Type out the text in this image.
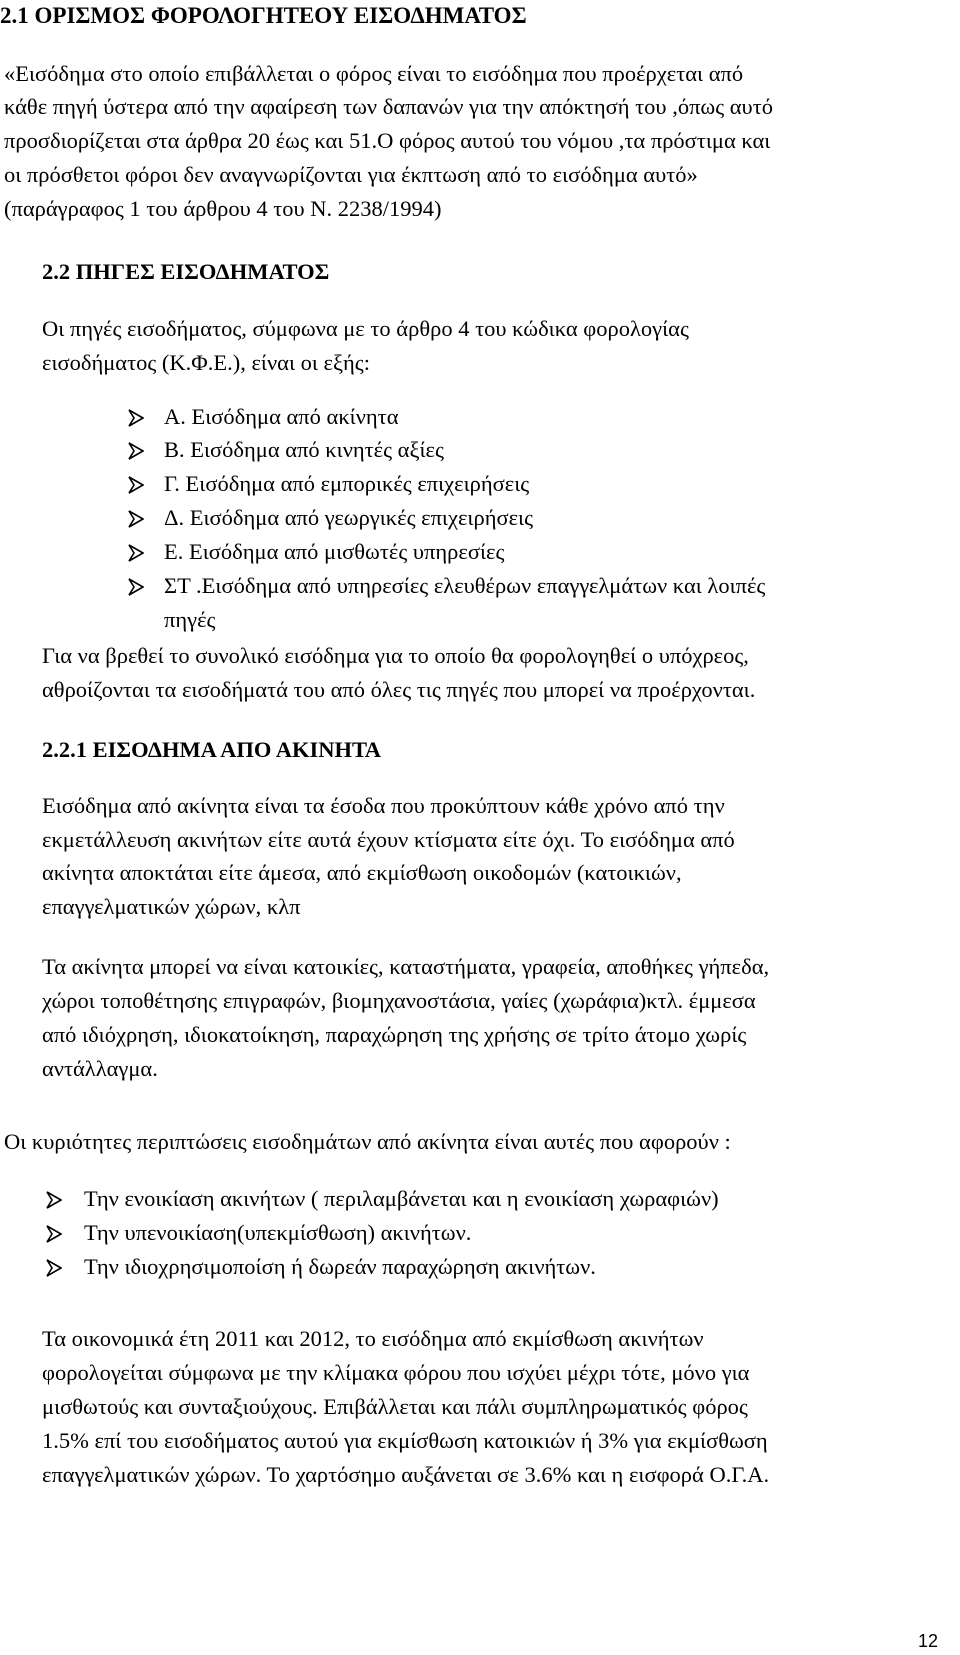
2.1 ΟΡΙΣΜΟΣ ΦΟΡΟΛΟΓΗΤΕΟΥ ΕΙΣΟΔΗΜΑΤΟΣ
«Εισόδημα στο οποίο επιβάλλεται ο φόρος είναι το εισόδημα που προέρχεται από
κάθε πηγή ύστερα από την αφαίρεση των δαπανών για την απόκτησή του ,όπως αυτό
προσδιορίζεται στα άρθρα 20 έως και 51.Ο φόρος αυτού του νόμου ,τα πρόστιμα και
οι πρόσθετοι φόροι δεν αναγνωρίζονται για έκπτωση από το εισόδημα αυτό»
(παράγραφος 1 του άρθρου 4 του Ν. 2238/1994)
2.2 ΠΗΓΕΣ ΕΙΣΟΔΗΜΑΤΟΣ
Οι πηγές εισοδήματος, σύμφωνα με το άρθρο 4 του κώδικα φορολογίας
εισοδήματος (Κ.Φ.Ε.), είναι οι εξής:
Α. Εισόδημα από ακίνητα
Β. Εισόδημα από κινητές αξίες
Γ. Εισόδημα από εμπορικές επιχειρήσεις
Δ. Εισόδημα από γεωργικές επιχειρήσεις
Ε. Εισόδημα από μισθωτές υπηρεσίες
ΣΤ .Εισόδημα από υπηρεσίες ελευθέρων επαγγελμάτων και λοιπές
πηγές
Για να βρεθεί το συνολικό εισόδημα για το οποίο θα φορολογηθεί ο υπόχρεος,
αθροίζονται τα εισοδήματά του από όλες τις πηγές που μπορεί να προέρχονται.
2.2.1 ΕΙΣΟΔΗΜΑ ΑΠΟ ΑΚΙΝΗΤΑ
Εισόδημα από ακίνητα είναι τα έσοδα που προκύπτουν κάθε χρόνο από την
εκμετάλλευση ακινήτων είτε αυτά έχουν κτίσματα είτε όχι. Το εισόδημα από
ακίνητα αποκτάται είτε άμεσα, από εκμίσθωση οικοδομών (κατοικιών,
επαγγελματικών χώρων, κλπ
Τα ακίνητα μπορεί να είναι κατοικίες, καταστήματα, γραφεία, αποθήκες γήπεδα,
χώροι τοποθέτησης επιγραφών, βιομηχανοστάσια, γαίες (χωράφια)κτλ. έμμεσα
από ιδιόχρηση, ιδιοκατοίκηση, παραχώρηση της χρήσης σε τρίτο άτομο χωρίς
αντάλλαγμα.
Οι κυριότητες περιπτώσεις εισοδημάτων από ακίνητα είναι αυτές που αφορούν :
Την ενοικίαση ακινήτων ( περιλαμβάνεται και η ενοικίαση χωραφιών)
Την υπενοικίαση(υπεκμίσθωση) ακινήτων.
Την ιδιοχρησιμοποίση ή δωρεάν παραχώρηση ακινήτων.
Τα οικονομικά έτη 2011 και 2012, το εισόδημα από εκμίσθωση ακινήτων
φορολογείται σύμφωνα με την κλίμακα φόρου που ισχύει μέχρι τότε, μόνο για
μισθωτούς και συνταξιούχους. Επιβάλλεται και πάλι συμπληρωματικός φόρος
1.5% επί του εισοδήματος αυτού για εκμίσθωση κατοικιών ή 3% για εκμίσθωση
επαγγελματικών χώρων. Το χαρτόσημο αυξάνεται σε 3.6% και η εισφορά Ο.Γ.Α.
12
